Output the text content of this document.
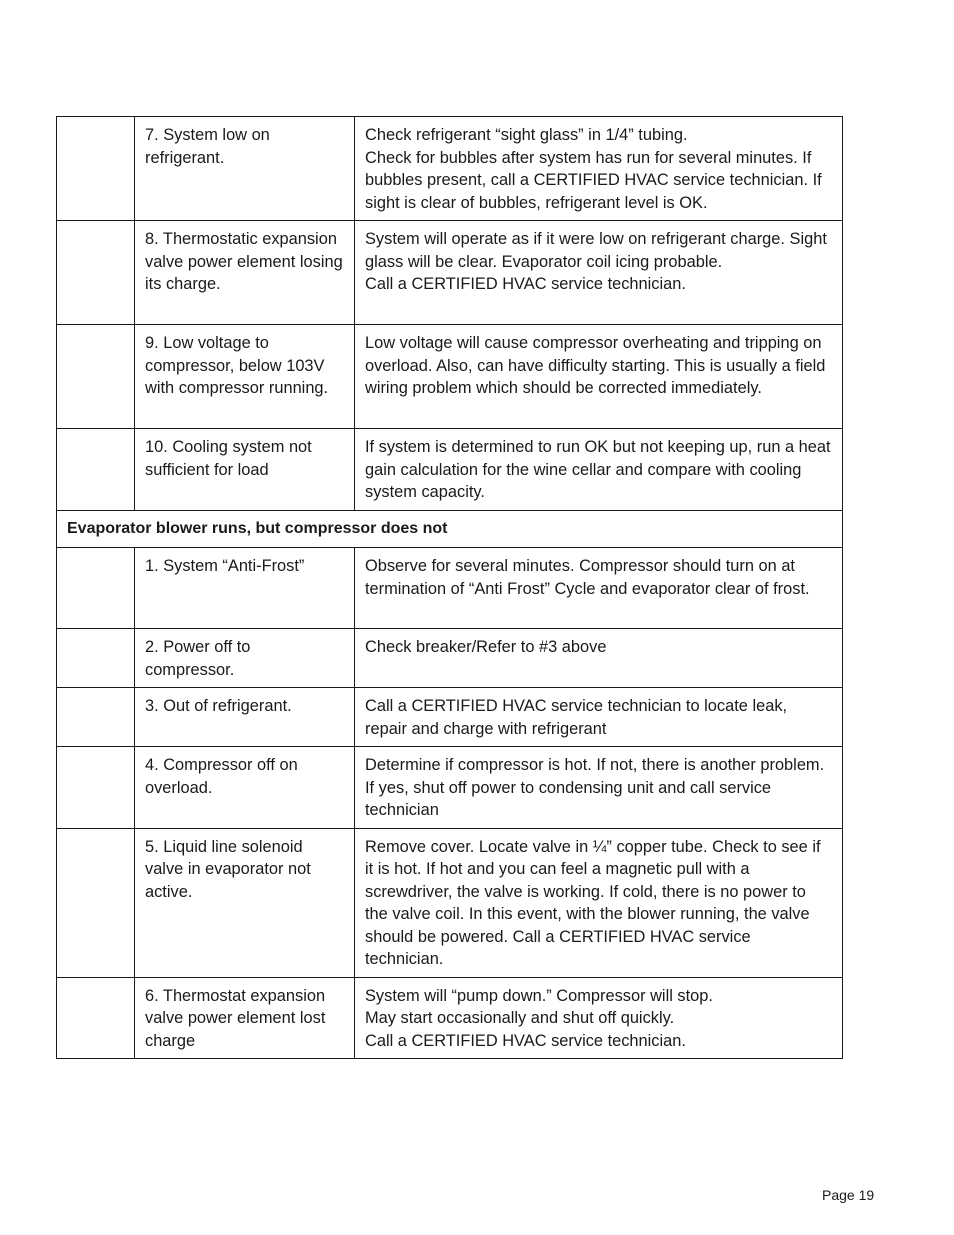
	7. System low on refrigerant.	Check refrigerant “sight glass” in 1/4” tubing.
Check for bubbles after system has run for several minutes. If bubbles present, call a CERTIFIED HVAC service technician. If sight is clear of bubbles, refrigerant level is OK.
	8. Thermostatic expansion valve power element losing its charge.	System will operate as if it were low on refrigerant charge. Sight glass will be clear. Evaporator coil icing probable.
Call a CERTIFIED HVAC service technician.
	9. Low voltage to compressor, below 103V with compressor running.	Low voltage will cause compressor overheating and tripping on overload. Also, can have difficulty starting. This is usually a field wiring problem which should be corrected immediately.
	10. Cooling system not sufficient for load	If system is determined to run OK but not keeping up, run a heat gain calculation for the wine cellar and compare with cooling system capacity.
Evaporator blower runs, but compressor does not		
	1. System “Anti-Frost”	Observe for several minutes. Compressor should turn on at termination of “Anti Frost” Cycle and evaporator clear of frost.
	2. Power off to compressor.	Check breaker/Refer to #3 above
	3. Out of refrigerant.	Call a CERTIFIED HVAC service technician to locate leak, repair and charge with refrigerant
	4. Compressor off on overload.	Determine if compressor is hot. If not, there is another problem. If yes, shut off power to condensing unit and call service technician
	5. Liquid line solenoid valve in evaporator not active.	Remove cover. Locate valve in ¼” copper tube. Check to see if it is hot. If hot and you can feel a magnetic pull with a screwdriver, the valve is working. If cold, there is no power to the valve coil. In this event, with the blower running, the valve should be powered. Call a CERTIFIED HVAC service technician.
	6. Thermostat expansion valve power element lost charge	System will “pump down.” Compressor will stop.
May start occasionally and shut off quickly.
Call a CERTIFIED HVAC service technician.
Page 19
